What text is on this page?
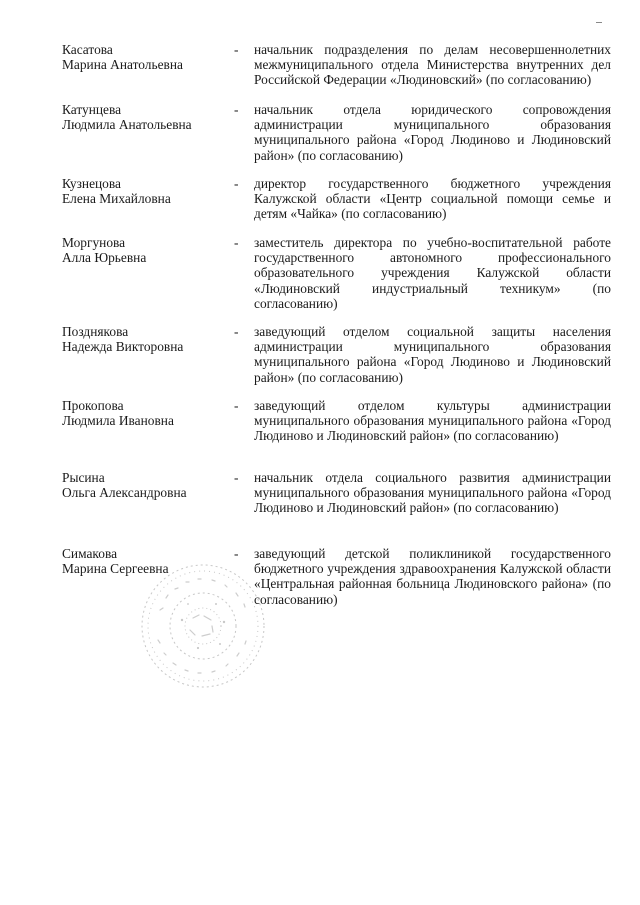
Касатова
Марина Анатольевна
- начальник подразделения по делам несовершеннолетних межмуниципального отдела Министерства внутренних дел Российской Федерации «Людиновский» (по согласованию)
Катунцева
Людмила Анатольевна
- начальник отдела юридического сопровождения администрации муниципального образования муниципального района «Город Людиново и Людиновский район» (по согласованию)
Кузнецова
Елена Михайловна
- директор государственного бюджетного учреждения Калужской области «Центр социальной помощи семье и детям «Чайка» (по согласованию)
Моргунова
Алла Юрьевна
- заместитель директора по учебно-воспитательной работе государственного автономного профессионального образовательного учреждения Калужской области «Людиновский индустриальный техникум» (по согласованию)
Позднякова
Надежда Викторовна
- заведующий отделом социальной защиты населения администрации муниципального образования муниципального района «Город Людиново и Людиновский район» (по согласованию)
Прокопова
Людмила Ивановна
- заведующий отделом культуры администрации муниципального образования муниципального района «Город Людиново и Людиновский район» (по согласованию)
Рысина
Ольга Александровна
- начальник отдела социального развития администрации муниципального образования муниципального района «Город Людиново и Людиновский район» (по согласованию)
Симакова
Марина Сергеевна
- заведующий детской поликлиникой государственного бюджетного учреждения здравоохранения Калужской области «Центральная районная больница Людиновского района» (по согласованию)
